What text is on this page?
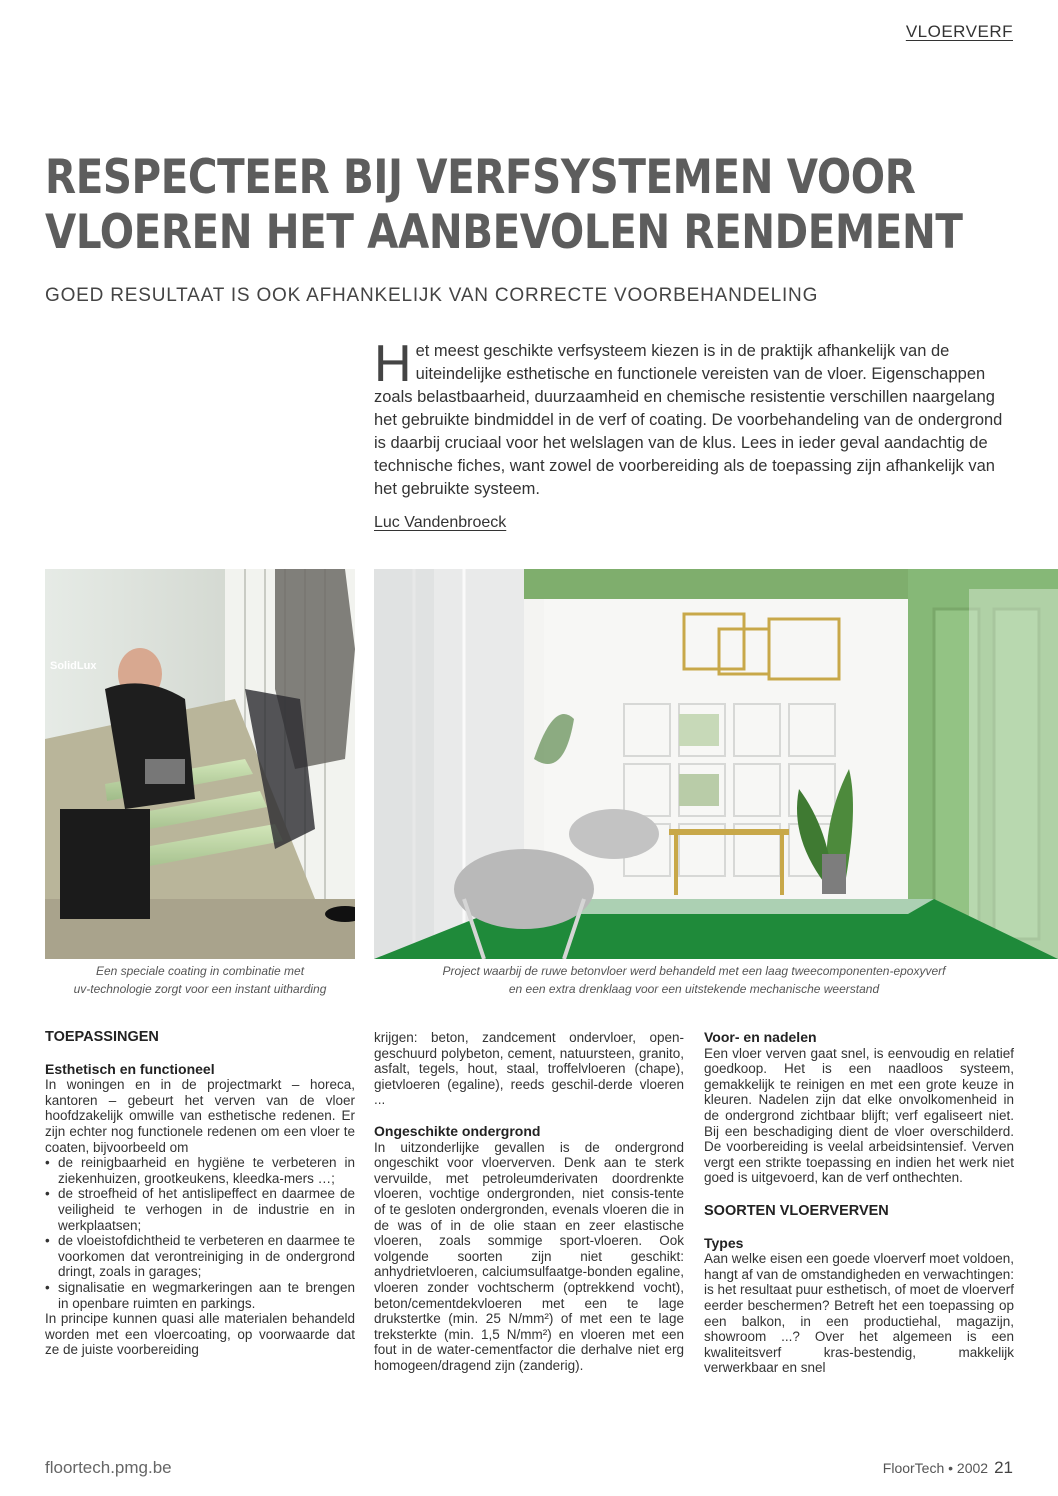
VLOERVERF
RESPECTEER BIJ VERFSYSTEMEN VOOR
VLOEREN HET AANBEVOLEN RENDEMENT
GOED RESULTAAT IS OOK AFHANKELIJK VAN CORRECTE VOORBEHANDELING

Het meest geschikte verfsysteem kiezen is in de praktijk afhankelijk van de uiteindelijke esthetische en functionele vereisten van de vloer. Eigenschappen zoals belastbaarheid, duurzaamheid en chemische resistentie verschillen naargelang het gebruikte bindmiddel in de verf of coating. De voorbehandeling van de ondergrond is daarbij cruciaal voor het welslagen van de klus. Lees in ieder geval aandachtig de technische fiches, want zowel de voorbereiding als de toepassing zijn afhankelijk van het gebruikte systeem.

Luc Vandenbroeck
SolidLux
Een speciale coating in combinatie met
uv-technologie zorgt voor een instant uitharding
Project waarbij de ruwe betonvloer werd behandeld met een laag tweecomponenten-epoxyverf
en een extra drenklaag voor een uitstekende mechanische weerstand
TOEPASSINGEN
Esthetisch en functioneel

In woningen en in de projectmarkt – horeca, kantoren – gebeurt het verven van de vloer hoofdzakelijk omwille van esthetische redenen. Er zijn echter nog functionele redenen om een vloer te coaten, bijvoorbeeld om

• de reinigbaarheid en hygiëne te verbeteren in ziekenhuizen, grootkeukens, kleedka-mers …;
• de stroefheid of het antislipeffect en daarmee de veiligheid te verhogen in de industrie en in werkplaatsen;
• de vloeistofdichtheid te verbeteren en daarmee te voorkomen dat verontreiniging in de ondergrond dringt, zoals in garages;
• signalisatie en wegmarkeringen aan te brengen in openbare ruimten en parkings.

In principe kunnen quasi alle materialen behandeld worden met een vloercoating, op voorwaarde dat ze de juiste voorbereiding

krijgen: beton, zandcement ondervloer, open-geschuurd polybeton, cement, natuursteen, granito, asfalt, tegels, hout, staal, troffelvloeren (chape), gietvloeren (egaline), reeds geschil-derde vloeren ...

Ongeschikte ondergrond

In uitzonderlijke gevallen is de ondergrond ongeschikt voor vloerverven. Denk aan te sterk vervuilde, met petroleumderivaten doordrenkte vloeren, vochtige ondergronden, niet consis-tente of te gesloten ondergronden, evenals vloeren die in de was of in de olie staan en zeer elastische vloeren, zoals sommige sport-vloeren. Ook volgende soorten zijn niet geschikt: anhydrietvloeren, calciumsulfaatge-bonden egaline, vloeren zonder vochtscherm (optrekkend vocht), beton/cementdekvloeren met een te lage drukstertke (min. 25 N/mm²) of met een te lage treksterkte (min. 1,5 N/mm²) en vloeren met een fout in de water-cementfactor die derhalve niet erg homogeen/dragend zijn (zanderig).

Voor- en nadelen

Een vloer verven gaat snel, is eenvoudig en relatief goedkoop. Het is een naadloos systeem, gemakkelijk te reinigen en met een grote keuze in kleuren. Nadelen zijn dat elke onvolkomenheid in de ondergrond zichtbaar blijft; verf egaliseert niet. Bij een beschadiging dient de vloer overschilderd. De voorbereiding is veelal arbeidsintensief. Verven vergt een strikte toepassing en indien het werk niet goed is uitgevoerd, kan de verf onthechten.

SOORTEN VLOERVERVEN
Types

Aan welke eisen een goede vloerverf moet voldoen, hangt af van de omstandigheden en verwachtingen: is het resultaat puur esthetisch, of moet de vloerverf eerder beschermen? Betreft het een toepassing op een balkon, in een productiehal, magazijn, showroom ...? Over het algemeen is een kwaliteitsverf kras-bestendig, makkelijk verwerkbaar en snel

floortech.pmg.be	FloorTech • 2002 21
